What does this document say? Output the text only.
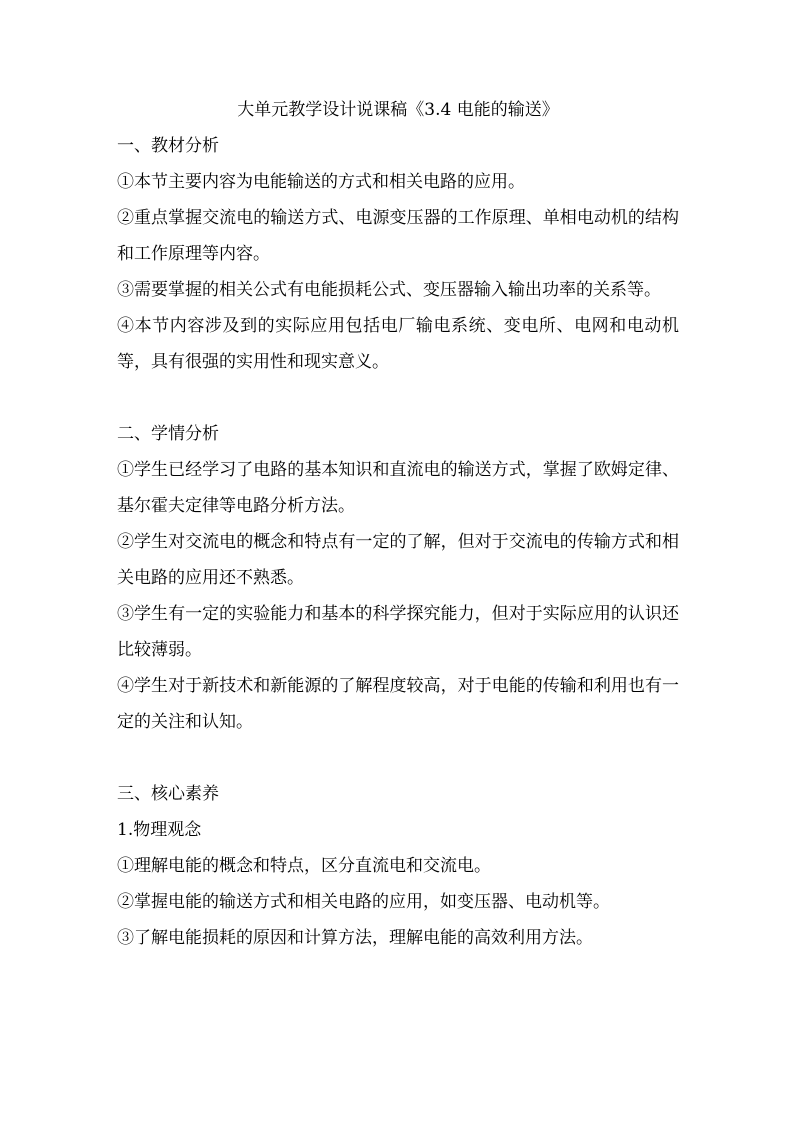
大单元教学设计说课稿《3.4 电能的输送》

一、教材分析

①本节主要内容为电能输送的方式和相关电路的应用。

②重点掌握交流电的输送方式、电源变压器的工作原理、单相电动机的结构和工作原理等内容。

③需要掌握的相关公式有电能损耗公式、变压器输入输出功率的关系等。

④本节内容涉及到的实际应用包括电厂输电系统、变电所、电网和电动机等，具有很强的实用性和现实意义。

二、学情分析

①学生已经学习了电路的基本知识和直流电的输送方式，掌握了欧姆定律、基尔霍夫定律等电路分析方法。

②学生对交流电的概念和特点有一定的了解，但对于交流电的传输方式和相关电路的应用还不熟悉。

③学生有一定的实验能力和基本的科学探究能力，但对于实际应用的认识还比较薄弱。

④学生对于新技术和新能源的了解程度较高，对于电能的传输和利用也有一定的关注和认知。

三、核心素养

1.物理观念

①理解电能的概念和特点，区分直流电和交流电。

②掌握电能的输送方式和相关电路的应用，如变压器、电动机等。

③了解电能损耗的原因和计算方法，理解电能的高效利用方法。
